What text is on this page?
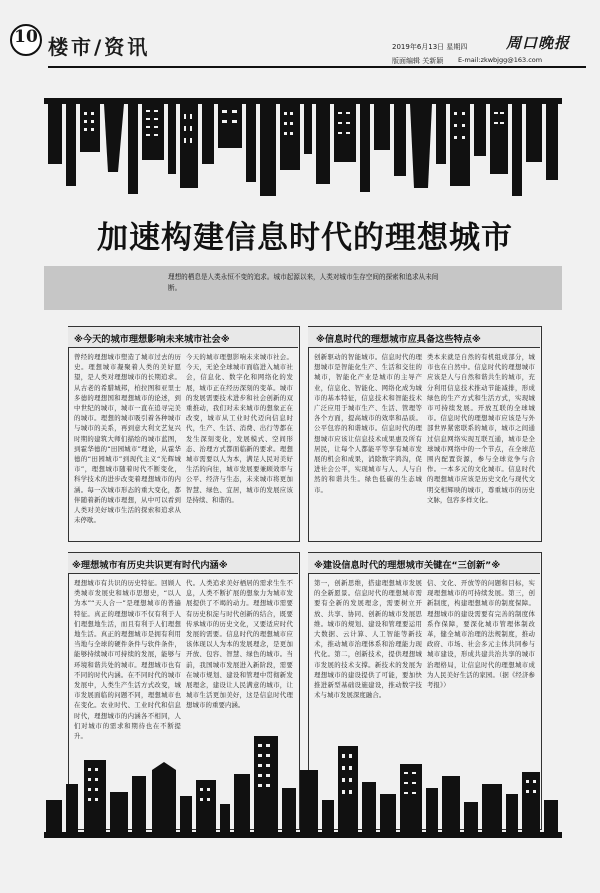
10 楼市/资讯	2019年6月13日 星期四
版面编辑 关新颖
周口晚报
E-mail:zkwbjgg@163.com
加速构建信息时代的理想城市
理想的栖息是人类永恒不变的追求。城市起源以来，人类对城市生存空间的探索和追求从未间断。
※今天的城市理想影响未来城市社会※
曾经的理想城市塑造了城市过去的历史。理想城市凝聚着人类的美好愿望，是人类对理想城市的长期追求。从古老的希腊城邦，柏拉图和亚里士多德的理想国和理想城市的论述，到中世纪的城市，城市一直在追寻完美的城市。理想的城市吸引着各种城市与城市的关系，再到意大利文艺复兴时期的建筑大师们描绘的城市蓝图，到霍华德的“田园城市”理论，从霍华德的“田园城市”到现代主义“光辉城市”，理想城市随着时代不断变化，科学技术的进步改变着理想城市的内涵。每一次城市形态的重大变化，都伴随着新的城市理想，从中可以看到人类对美好城市生活的探索和追求从未停歇。
今天的城市理想影响未来城市社会。今天，无论全球城市面临进入城市社会，信息化、数字化和网络化的发展，城市正在经历深刻的变革。城市的发展需要技术进步和社会创新的双重推动，我们对未来城市的想象正在改变，城市从工业时代迈向信息时代，生产、生活、消费、出行等都在发生深刻变化，发展模式、空间形态、治理方式都面临新的要求。理想城市需要以人为本，满足人民对美好生活的向往，城市发展要兼顾效率与公平、经济与生态，未来城市将更加智慧、绿色、宜居，城市的发展应该是持续、和谐的。
※信息时代的理想城市应具备这些特点※
创新驱动的智能城市。信息时代的理想城市是智能化生产、生活和交往的城市，智能化产业是城市的主导产业，信息化、智能化、网络化成为城市的基本特征，信息技术和智能技术广泛应用于城市生产、生活、管理等各个方面，提高城市的效率和品质。公平包容的和谐城市。信息时代的理想城市应该让信息技术成果惠及所有居民，让每个人都能平等享有城市发展的机会和成果，消除数字鸿沟，促进社会公平，实现城市与人、人与自然的和谐共生。绿色低碳的生态城市。
类本来就是自然的有机组成部分，城市也在自然中。信息时代的理想城市应该是人与自然和谐共生的城市，充分利用信息技术推动节能减排，形成绿色的生产方式和生活方式，实现城市可持续发展。开放互联的全球城市。信息时代的理想城市应该是与外部世界紧密联系的城市，城市之间通过信息网络实现互联互通，城市是全球城市网络中的一个节点，在全球范围内配置资源，参与全球竞争与合作。一本多元的文化城市。信息时代的理想城市应该是历史文化与现代文明交相辉映的城市，尊重城市的历史文脉，包容多样文化。
※理想城市有历史共识更有时代内涵※
理想城市有共识的历史特征。回顾人类城市发展史和城市思想史，“以人为本”“天人合一”是理想城市的普遍特征。真正的理想城市不仅有利于人们理想地生活，而且有利于人们理想地生活。真正的理想城市是拥有利用当地与全球的硬件条件与软件条件，能够持续城市可持续的发展，能够与环境和谐共处的城市。理想城市也有不同的时代内涵。在不同时代的城市发展中，人类生产生活方式改变，城市发展面临的问题不同，理想城市也在变化。农业时代、工业时代和信息时代，理想城市的内涵各不相同，人们对城市的需求和期待也在不断提升。
代。人类追求美好栖居的需求生生不息，人类不断扩展的想象力为城市发展提供了不竭的动力。理想城市需要有历史积淀与时代创新的结合，既要传承城市的历史文化，又要适应时代发展的需要。信息时代的理想城市应该体现以人为本的发展理念，是更加开放、包容、智慧、绿色的城市。当前，我国城市发展进入新阶段，需要在城市规划、建设和管理中贯彻新发展理念，建设让人民满意的城市，让城市生活更加美好，这是信息时代理想城市的重要内涵。
※建设信息时代的理想城市关键在“三创新”※
第一，创新思维，搭建理想城市发展的全新愿景。信息时代的理想城市需要有全新的发展理念，需要树立开放、共享、协同、创新的城市发展思维。城市的规划、建设和管理要运用大数据、云计算、人工智能等新技术，推动城市治理体系和治理能力现代化。第二，创新技术，提供理想城市发展的技术支撑。新技术的发展为理想城市的建设提供了可能，要加快推进新型基础设施建设，推动数字技术与城市发展深度融合。
信、文化、开放等的问题和目标，实现理想城市的可持续发展。第三，创新制度，构建理想城市的制度保障。理想城市的建设需要有完善的制度体系作保障，要深化城市管理体制改革，健全城市治理的法规制度，推动政府、市场、社会多元主体共同参与城市建设，形成共建共治共享的城市治理格局，让信息时代的理想城市成为人民美好生活的家园。（据《经济参考报》）
